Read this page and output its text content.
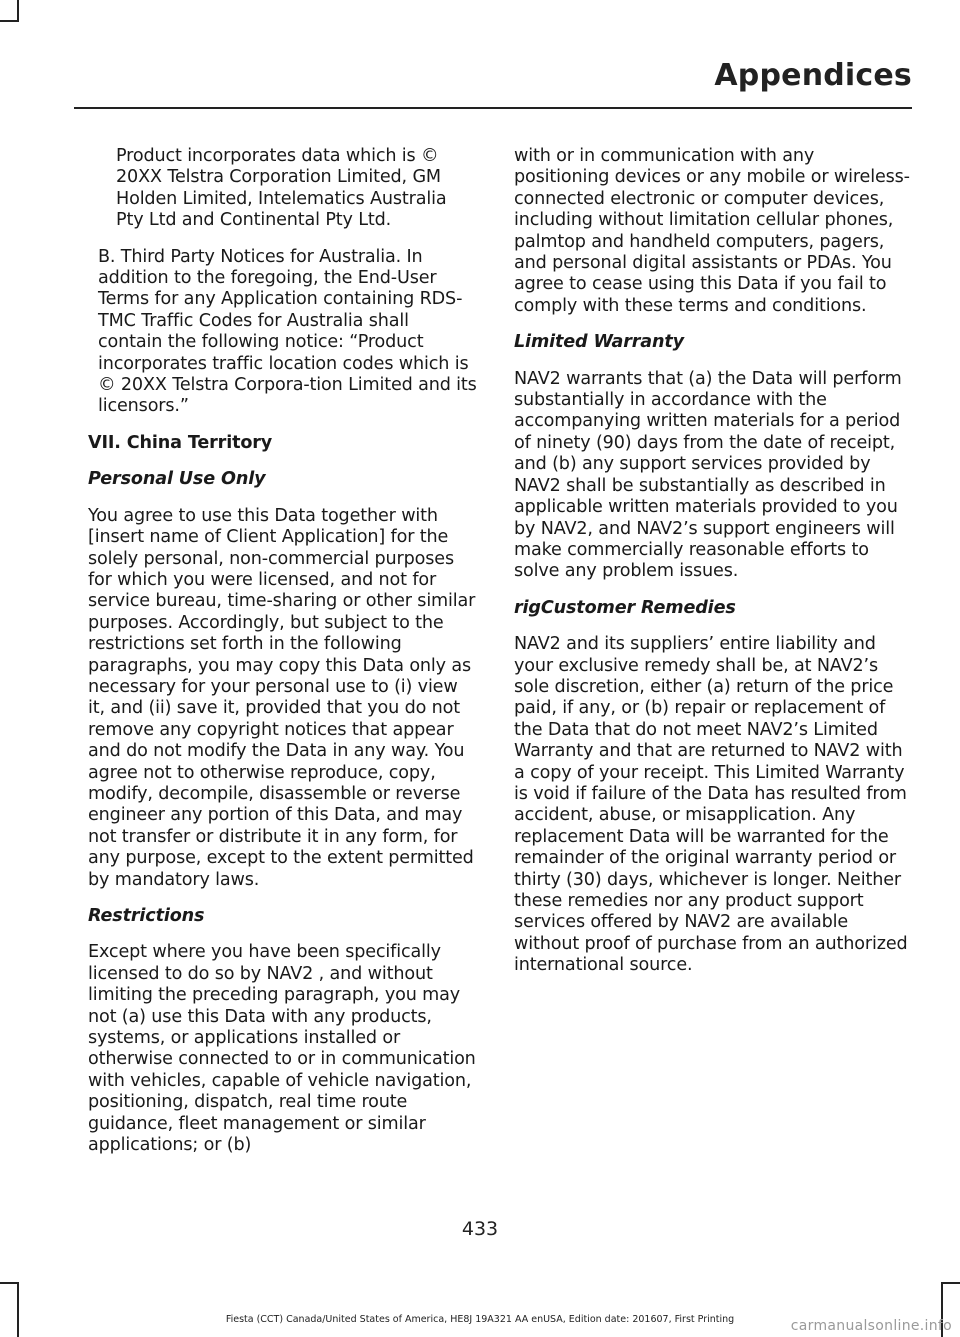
Appendices

Product incorporates data which is © 20XX Telstra Corporation Limited, GM Holden Limited, Intelematics Australia Pty Ltd and Continental Pty Ltd.

B. Third Party Notices for Australia. In addition to the foregoing, the End-User Terms for any Application containing RDS-TMC Traffic Codes for Australia shall contain the following notice: “Product incorporates traffic location codes which is © 20XX Telstra Corpora-tion Limited and its licensors.”

VII. China Territory

Personal Use Only

You agree to use this Data together with [insert name of Client Application] for the solely personal, non-commercial purposes for which you were licensed, and not for service bureau, time-sharing or other similar purposes. Accordingly, but subject to the restrictions set forth in the following paragraphs, you may copy this Data only as necessary for your personal use to (i) view it, and (ii) save it, provided that you do not remove any copyright notices that appear and do not modify the Data in any way. You agree not to otherwise reproduce, copy, modify, decompile, disassemble or reverse engineer any portion of this Data, and may not transfer or distribute it in any form, for any purpose, except to the extent permitted by mandatory laws.

Restrictions

Except where you have been specifically licensed to do so by NAV2 , and without limiting the preceding paragraph, you may not (a) use this Data with any products, systems, or applications installed or otherwise connected to or in communication with vehicles, capable of vehicle navigation, positioning, dispatch, real time route guidance, fleet management or similar applications; or (b)

with or in communication with any positioning devices or any mobile or wireless-connected electronic or computer devices, including without limitation cellular phones, palmtop and handheld computers, pagers, and personal digital assistants or PDAs. You agree to cease using this Data if you fail to comply with these terms and conditions.

Limited Warranty

NAV2 warrants that (a) the Data will perform substantially in accordance with the accompanying written materials for a period of ninety (90) days from the date of receipt, and (b) any support services provided by NAV2 shall be substantially as described in applicable written materials provided to you by NAV2, and NAV2’s support engineers will make commercially reasonable efforts to solve any problem issues.

rigCustomer Remedies

NAV2 and its suppliers’ entire liability and your exclusive remedy shall be, at NAV2’s sole discretion, either (a) return of the price paid, if any, or (b) repair or replacement of the Data that do not meet NAV2’s Limited Warranty and that are returned to NAV2 with a copy of your receipt. This Limited Warranty is void if failure of the Data has resulted from accident, abuse, or misapplication. Any replacement Data will be warranted for the remainder of the original warranty period or thirty (30) days, whichever is longer. Neither these remedies nor any product support services offered by NAV2 are available without proof of purchase from an authorized international source.

433
Fiesta (CCT) Canada/United States of America, HE8J 19A321 AA enUSA, Edition date: 201607, First Printing	carmanualsonline.info
